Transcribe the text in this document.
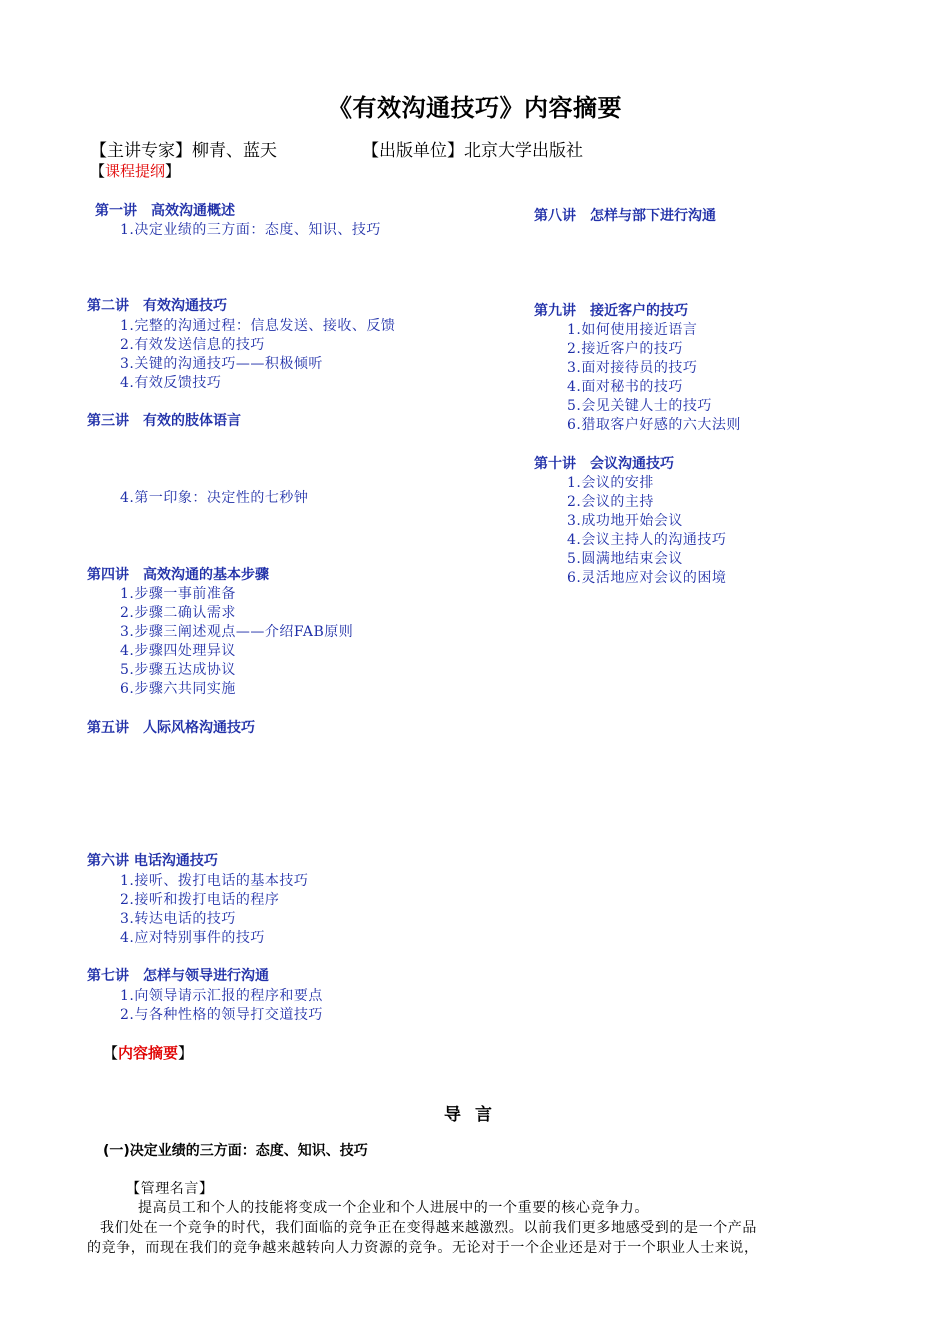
《有效沟通技巧》内容摘要
【主讲专家】柳青、蓝天	【出版单位】北京大学出版社
【课程提纲】
第一讲　高效沟通概述
1.决定业绩的三方面：态度、知识、技巧
第二讲　有效沟通技巧
1.完整的沟通过程：信息发送、接收、反馈
2.有效发送信息的技巧
3.关键的沟通技巧——积极倾听
4.有效反馈技巧
第三讲　有效的肢体语言
4.第一印象：决定性的七秒钟
第四讲　高效沟通的基本步骤
1.步骤一事前准备
2.步骤二确认需求
3.步骤三阐述观点——介绍FAB原则
4.步骤四处理异议
5.步骤五达成协议
6.步骤六共同实施
第五讲　人际风格沟通技巧
第六讲 电话沟通技巧
1.接听、拨打电话的基本技巧
2.接听和拨打电话的程序
3.转达电话的技巧
4.应对特别事件的技巧
第七讲　怎样与领导进行沟通
1.向领导请示汇报的程序和要点
2.与各种性格的领导打交道技巧
第八讲　怎样与部下进行沟通
第九讲　接近客户的技巧
1.如何使用接近语言
2.接近客户的技巧
3.面对接待员的技巧
4.面对秘书的技巧
5.会见关键人士的技巧
6.猎取客户好感的六大法则
第十讲　会议沟通技巧
1.会议的安排
2.会议的主持
3.成功地开始会议
4.会议主持人的沟通技巧
5.圆满地结束会议
6.灵活地应对会议的困境
【内容摘要】
导言
(一)决定业绩的三方面：态度、知识、技巧
【管理名言】
提高员工和个人的技能将变成一个企业和个人进展中的一个重要的核心竞争力。
我们处在一个竞争的时代，我们面临的竞争正在变得越来越激烈。以前我们更多地感受到的是一个产品
的竞争，而现在我们的竞争越来越转向人力资源的竞争。无论对于一个企业还是对于一个职业人士来说，
